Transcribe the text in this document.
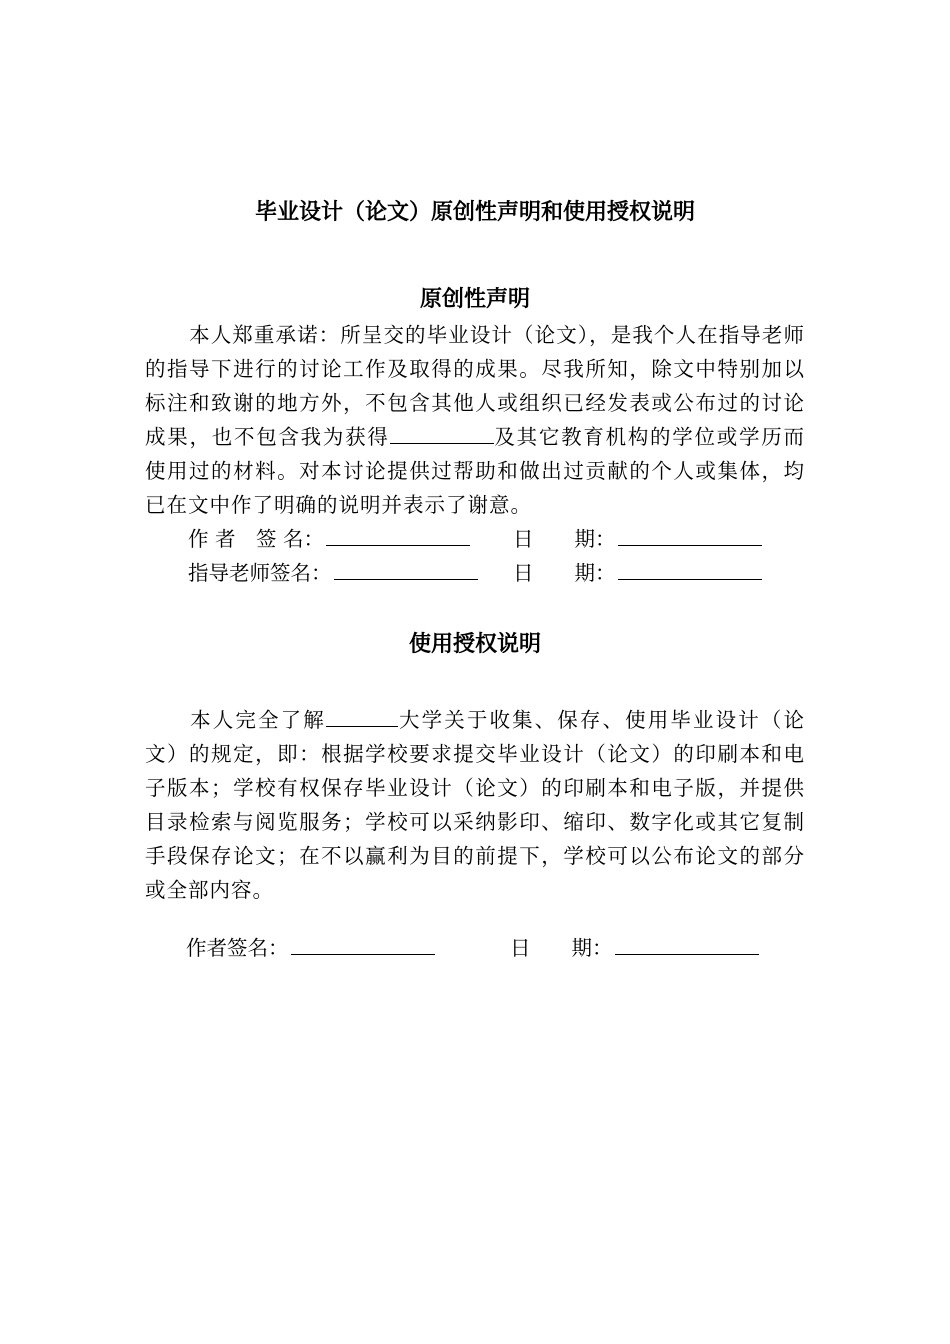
毕业设计（论文）原创性声明和使用授权说明
原创性声明

本人郑重承诺：所呈交的毕业设计（论文），是我个人在指导老师的指导下进行的讨论工作及取得的成果。尽我所知，除文中特别加以标注和致谢的地方外，不包含其他人或组织已经发表或公布过的讨论成果，也不包含我为获得	及其它教育机构的学位或学历而使用过的材料。对本讨论提供过帮助和做出过贡献的个人或集体，均已在文中作了明确的说明并表示了谢意。

作 者　签 名：	日　　期：
指导老师签名：	日　　期：
使用授权说明

本人完全了解	大学关于收集、保存、使用毕业设计（论文）的规定，即：根据学校要求提交毕业设计（论文）的印刷本和电子版本；学校有权保存毕业设计（论文）的印刷本和电子版，并提供目录检索与阅览服务；学校可以采纳影印、缩印、数字化或其它复制手段保存论文；在不以赢利为目的前提下，学校可以公布论文的部分或全部内容。

作者签名：	日　　期：
